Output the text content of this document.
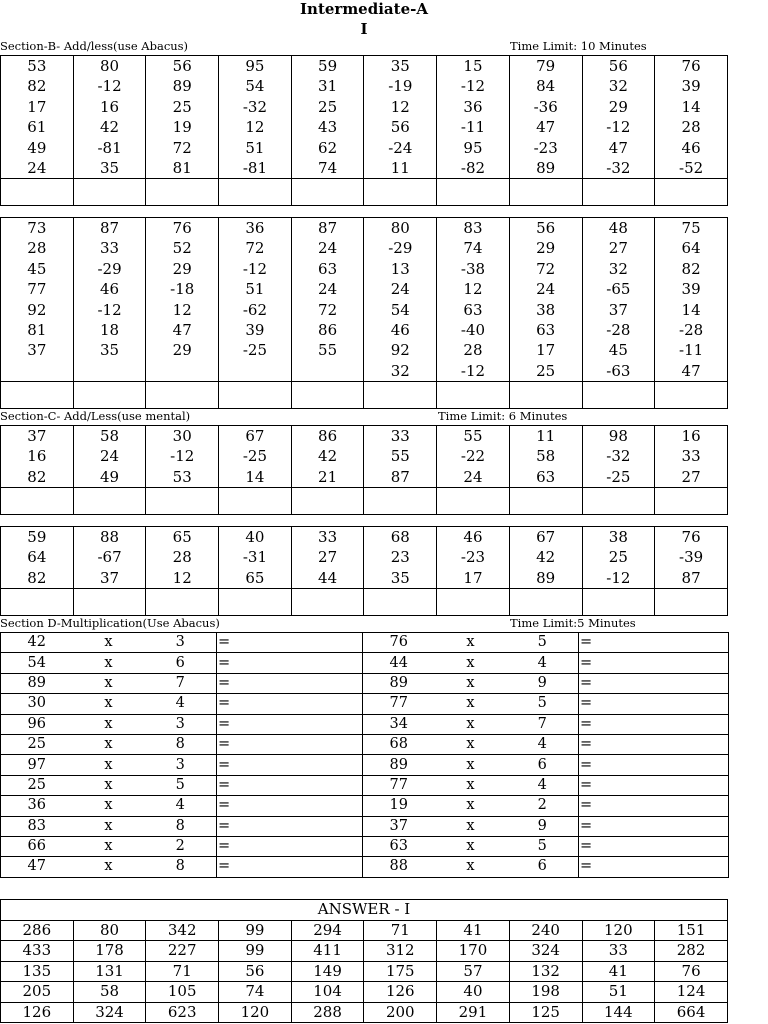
Intermediate-A
I
Section-B- Add/less(use Abacus)	Time Limit: 10 Minutes
53	80	56	95	59	35	15	79	56	76
82	-12	89	54	31	-19	-12	84	32	39
17	16	25	-32	25	12	36	-36	29	14
61	42	19	12	43	56	-11	47	-12	28
49	-81	72	51	62	-24	95	-23	47	46
24	35	81	-81	74	11	-82	89	-32	-52

73	87	76	36	87	80	83	56	48	75
28	33	52	72	24	-29	74	29	27	64
45	-29	29	-12	63	13	-38	72	32	82
77	46	-18	51	24	24	12	24	-65	39
92	-12	12	-62	72	54	63	38	37	14
81	18	47	39	86	46	-40	63	-28	-28
37	35	29	-25	55	92	28	17	45	-11
					32	-12	25	-63	47

Section-C- Add/Less(use mental)	Time Limit: 6 Minutes
37	58	30	67	86	33	55	11	98	16
16	24	-12	-25	42	55	-22	58	-32	33
82	49	53	14	21	87	24	63	-25	27

59	88	65	40	33	68	46	67	38	76
64	-67	28	-31	27	23	-23	42	25	-39
82	37	12	65	44	35	17	89	-12	87

Section D-Multiplication(Use Abacus)	Time Limit:5 Minutes
42	x	3	=	76	x	5	=
54	x	6	=	44	x	4	=
89	x	7	=	89	x	9	=
30	x	4	=	77	x	5	=
96	x	3	=	34	x	7	=
25	x	8	=	68	x	4	=
97	x	3	=	89	x	6	=
25	x	5	=	77	x	4	=
36	x	4	=	19	x	2	=
83	x	8	=	37	x	9	=
66	x	2	=	63	x	5	=
47	x	8	=	88	x	6	=
ANSWER - I									
286	80	342	99	294	71	41	240	120	151
433	178	227	99	411	312	170	324	33	282
135	131	71	56	149	175	57	132	41	76
205	58	105	74	104	126	40	198	51	124
126	324	623	120	288	200	291	125	144	664
